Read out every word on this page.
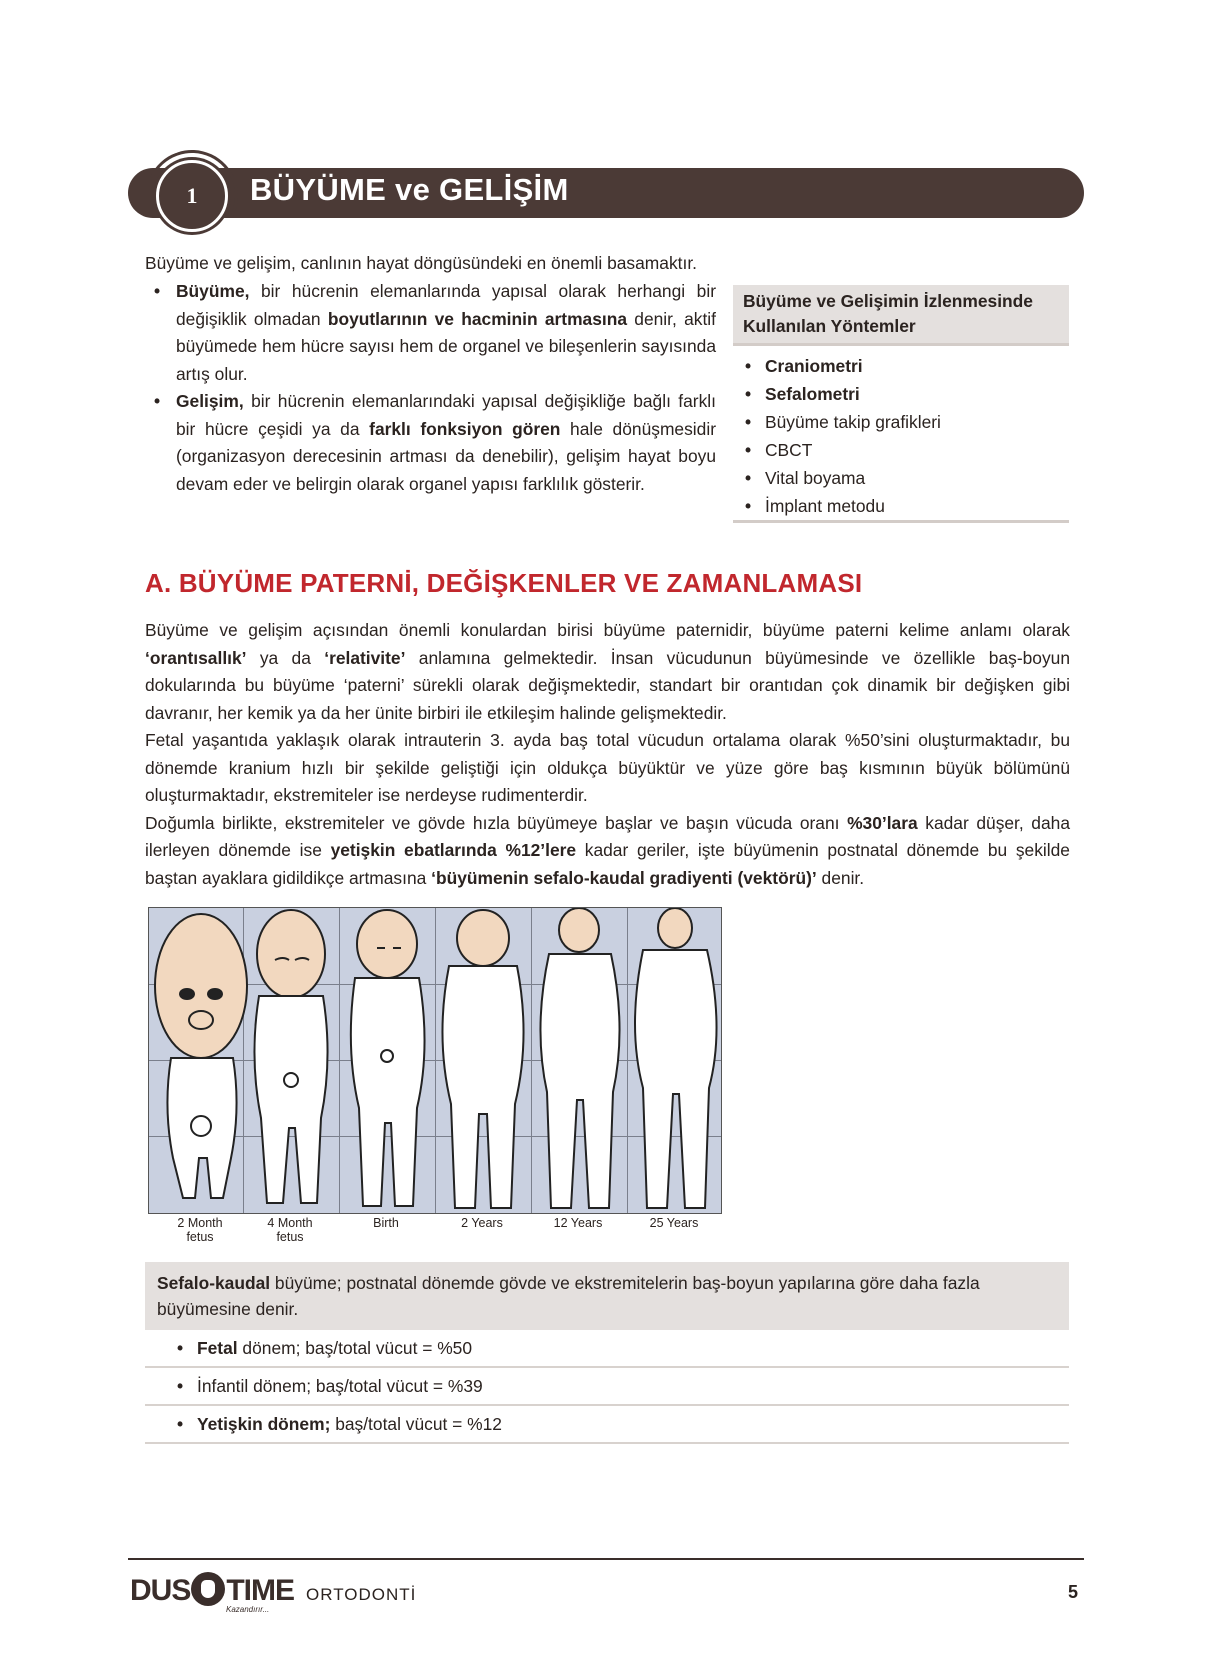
1	BÜYÜME ve GELİŞİM
Büyüme ve gelişim, canlının hayat döngüsündeki en önemli basamaktır.
• Büyüme, bir hücrenin elemanlarında yapısal olarak herhangi bir değişiklik olmadan boyutlarının ve hacminin artmasına denir, aktif büyümede hem hücre sayısı hem de organel ve bileşenlerin sayısında artış olur.
• Gelişim, bir hücrenin elemanlarındaki yapısal değişikliğe bağlı farklı bir hücre çeşidi ya da farklı fonksiyon gören hale dönüşmesidir (organizasyon derecesinin artması da denebilir), gelişim hayat boyu devam eder ve belirgin olarak organel yapısı farklılık gösterir.
Büyüme ve Gelişimin İzlenmesinde Kullanılan Yöntemler
• Craniometri
• Sefalometri
• Büyüme takip grafikleri
• CBCT
• Vital boyama
• İmplant metodu
A. BÜYÜME PATERNİ, DEĞİŞKENLER VE ZAMANLAMASI

Büyüme ve gelişim açısından önemli konulardan birisi büyüme paternidir, büyüme paterni kelime anlamı olarak ‘orantısallık’ ya da ‘relativite’ anlamına gelmektedir. İnsan vücudunun büyümesinde ve özellikle baş-boyun dokularında bu büyüme ‘paterni’ sürekli olarak değişmektedir, standart bir orantıdan çok dinamik bir değişken gibi davranır, her kemik ya da her ünite birbiri ile etkileşim halinde gelişmektedir.

Fetal yaşantıda yaklaşık olarak intrauterin 3. ayda baş total vücudun ortalama olarak %50’sini oluşturmaktadır, bu dönemde kranium hızlı bir şekilde geliştiği için oldukça büyüktür ve yüze göre baş kısmının büyük bölümünü oluşturmaktadır, ekstremiteler ise nerdeyse rudimenterdir.

Doğumla birlikte, ekstremiteler ve gövde hızla büyümeye başlar ve başın vücuda oranı %30’lara kadar düşer, daha ilerleyen dönemde ise yetişkin ebatlarında %12’lere kadar geriler, işte büyümenin postnatal dönemde bu şekilde baştan ayaklara gidildikçe artmasına ‘büyümenin sefalo-kaudal gradiyenti (vektörü)’ denir.

2 Month
fetus
4 Month
fetus
Birth	2 Years	12 Years	25 Years
Sefalo-kaudal büyüme; postnatal dönemde gövde ve ekstremitelerin baş-boyun yapılarına göre daha fazla büyümesine denir.
• Fetal dönem; baş/total vücut = %50
• İnfantil dönem; baş/total vücut = %39
• Yetişkin dönem; baş/total vücut = %12
DUS TIME
Kazandırır...
ORTODONTİ	5
